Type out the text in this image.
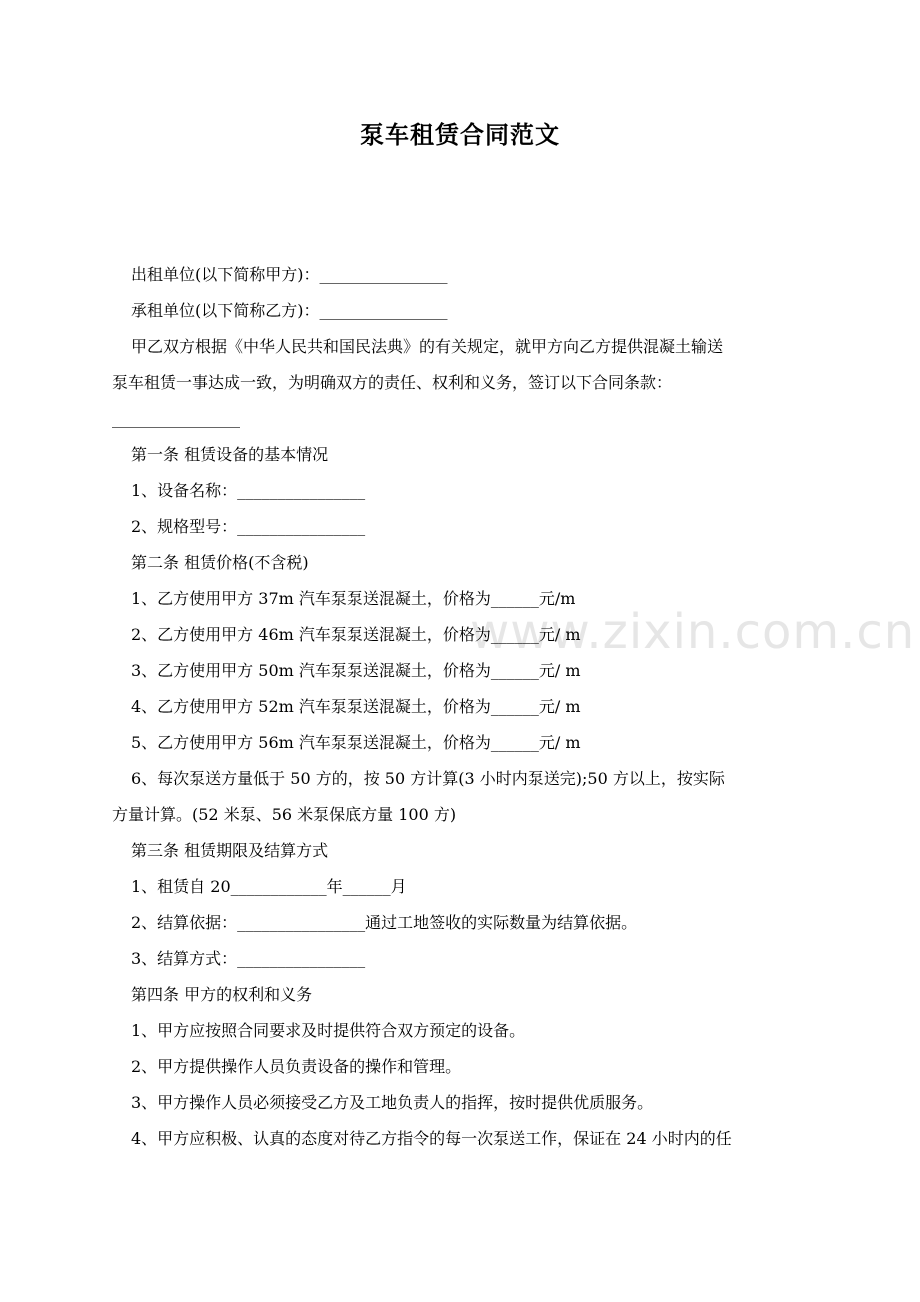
泵车租赁合同范文
www.zixin.com.cn

出租单位(以下简称甲方)：________________

承租单位(以下简称乙方)：________________

甲乙双方根据《中华人民共和国民法典》的有关规定，就甲方向乙方提供混凝土输送

泵车租赁一事达成一致，为明确双方的责任、权利和义务，签订以下合同条款：

________________

第一条 租赁设备的基本情况

1、设备名称：________________

2、规格型号：________________

第二条 租赁价格(不含税)

1、乙方使用甲方 37m 汽车泵泵送混凝土，价格为______元/m

2、乙方使用甲方 46m 汽车泵泵送混凝土，价格为______元/ m

3、乙方使用甲方 50m 汽车泵泵送混凝土，价格为______元/ m

4、乙方使用甲方 52m 汽车泵泵送混凝土，价格为______元/ m

5、乙方使用甲方 56m 汽车泵泵送混凝土，价格为______元/ m

6、每次泵送方量低于 50 方的，按 50 方计算(3 小时内泵送完);50 方以上，按实际

方量计算。(52 米泵、56 米泵保底方量 100 方)

第三条 租赁期限及结算方式

1、租赁自 20____________年______月

2、结算依据：________________通过工地签收的实际数量为结算依据。

3、结算方式：________________

第四条 甲方的权利和义务

1、甲方应按照合同要求及时提供符合双方预定的设备。

2、甲方提供操作人员负责设备的操作和管理。

3、甲方操作人员必须接受乙方及工地负责人的指挥，按时提供优质服务。

4、甲方应积极、认真的态度对待乙方指令的每一次泵送工作，保证在 24 小时内的任
